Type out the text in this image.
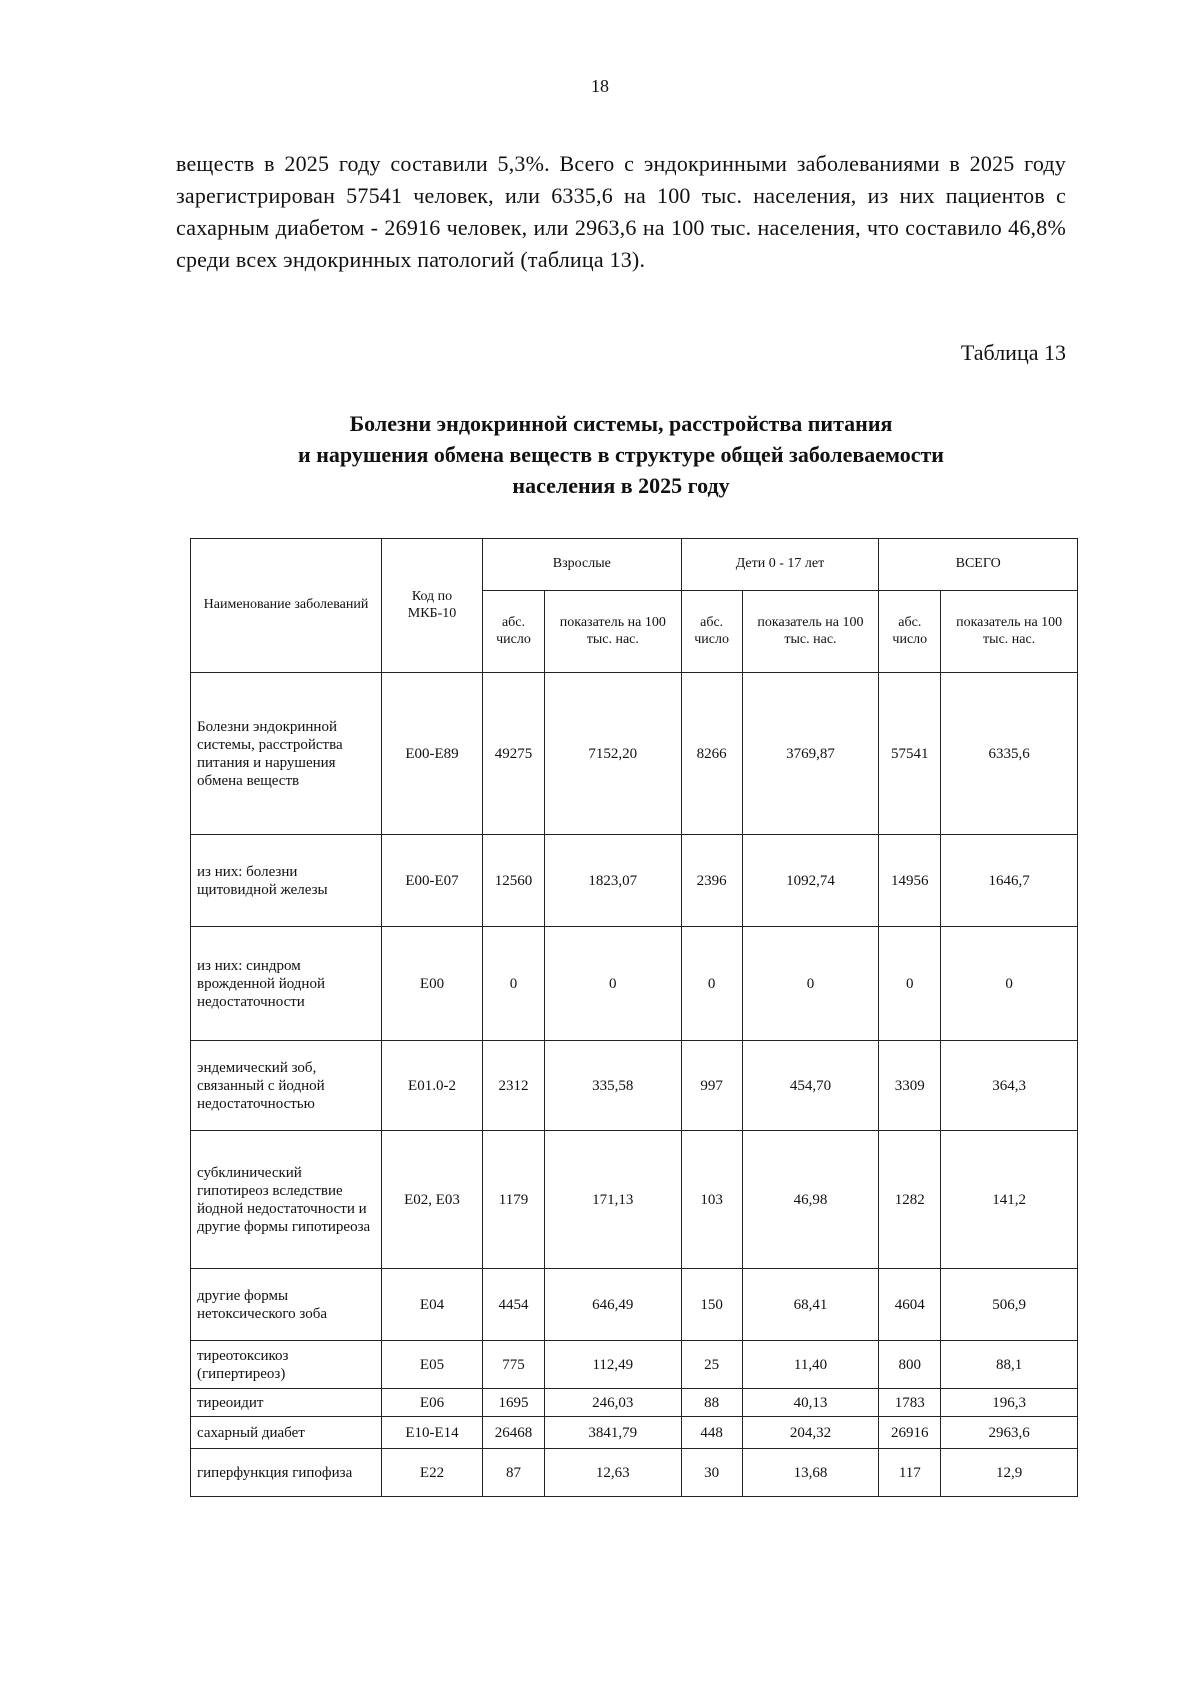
18

веществ в 2025 году составили 5,3%. Всего с эндокринными заболеваниями в 2025 году зарегистрирован 57541 человек, или 6335,6 на 100 тыс. населения, из них пациентов с сахарным диабетом - 26916 человек, или 2963,6 на 100 тыс. населения, что составило 46,8% среди всех эндокринных патологий (таблица 13).

Таблица 13
Болезни эндокринной системы, расстройства питания
и нарушения обмена веществ в структуре общей заболеваемости
населения в 2025 году
Наименование заболеваний	Код по МКБ-10	Взрослые		Дети 0 - 17 лет		ВСЕГО	
		абс. число	показатель на 100 тыс. нас.	абс. число	показатель на 100 тыс. нас.	абс. число	показатель на 100 тыс. нас.
Болезни эндокринной системы, расстройства питания и нарушения обмена веществ	E00-E89	49275	7152,20	8266	3769,87	57541	6335,6
из них: болезни щитовидной железы	E00-E07	12560	1823,07	2396	1092,74	14956	1646,7
из них: синдром врожденной йодной недостаточности	E00	0	0	0	0	0	0
эндемический зоб, связанный с йодной недостаточностью	E01.0-2	2312	335,58	997	454,70	3309	364,3
субклинический гипотиреоз вследствие йодной недостаточности и другие формы гипотиреоза	E02, E03	1179	171,13	103	46,98	1282	141,2
другие формы нетоксического зоба	E04	4454	646,49	150	68,41	4604	506,9
тиреотоксикоз (гипертиреоз)	E05	775	112,49	25	11,40	800	88,1
тиреоидит	E06	1695	246,03	88	40,13	1783	196,3
сахарный диабет	E10-E14	26468	3841,79	448	204,32	26916	2963,6
гиперфункция гипофиза	E22	87	12,63	30	13,68	117	12,9
